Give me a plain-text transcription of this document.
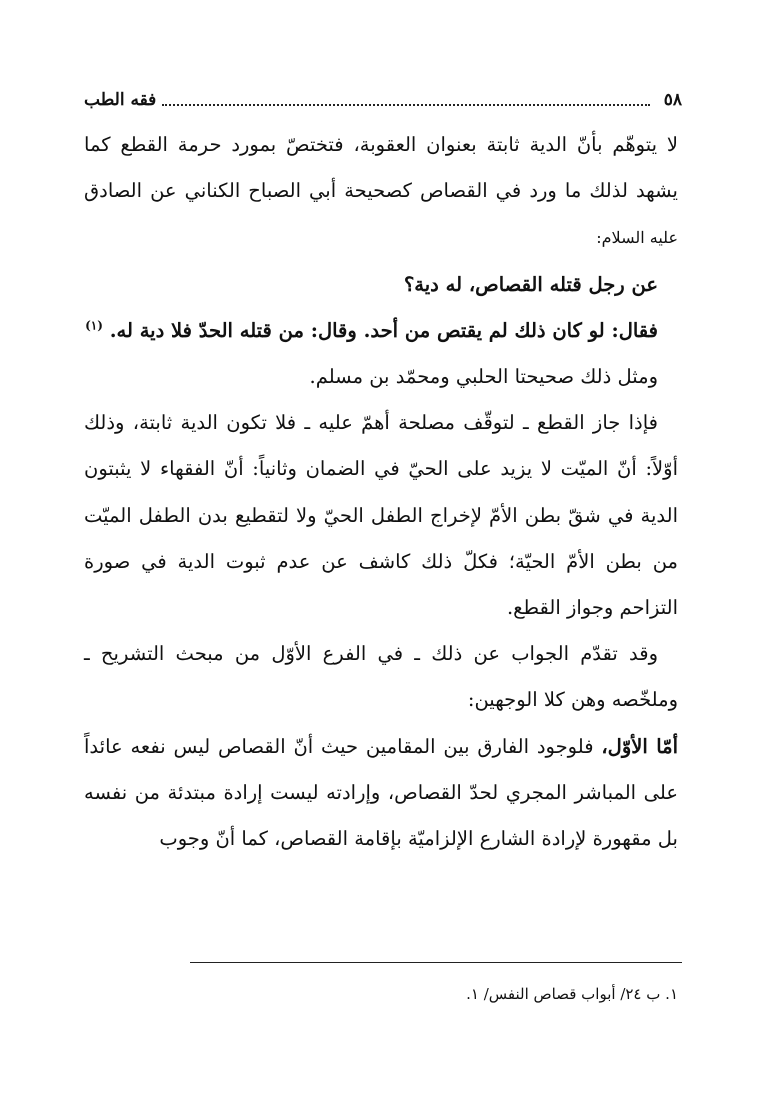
٥٨
فقه الطب

لا يتوهّم بأنّ الدية ثابتة بعنوان العقوبة، فتختصّ بمورد حرمة القطع كما يشهد لذلك ما ورد في القصاص كصحيحة أبي الصباح الكناني عن الصادق عليه السلام:

عن رجل قتله القصاص، له دية؟

فقال: لو كان ذلك لم يقتص من أحد. وقال: من قتله الحدّ فلا دية له. $^{(١)}$

ومثل ذلك صحيحتا الحلبي ومحمّد بن مسلم.

فإذا جاز القطع ـ لتوقّف مصلحة أهمّ عليه ـ فلا تكون الدية ثابتة، وذلك أوّلاً: أنّ الميّت لا يزيد على الحيّ في الضمان وثانياً: أنّ الفقهاء لا يثبتون الدية في شقّ بطن الأمّ لإخراج الطفل الحيّ ولا لتقطيع بدن الطفل الميّت من بطن الأمّ الحيّة؛ فكلّ ذلك كاشف عن عدم ثبوت الدية في صورة التزاحم وجواز القطع.

وقد تقدّم الجواب عن ذلك ـ في الفرع الأوّل من مبحث التشريح ـ وملخّصه وهن كلا الوجهين:

أمّا الأوّل، فلوجود الفارق بين المقامين حيث أنّ القصاص ليس نفعه عائداً على المباشر المجري لحدّ القصاص، وإرادته ليست إرادة مبتدئة من نفسه بل مقهورة لإرادة الشارع الإلزاميّة بإقامة القصاص، كما أنّ وجوب

١. ب ٢٤/ أبواب قصاص النفس/ ١.
